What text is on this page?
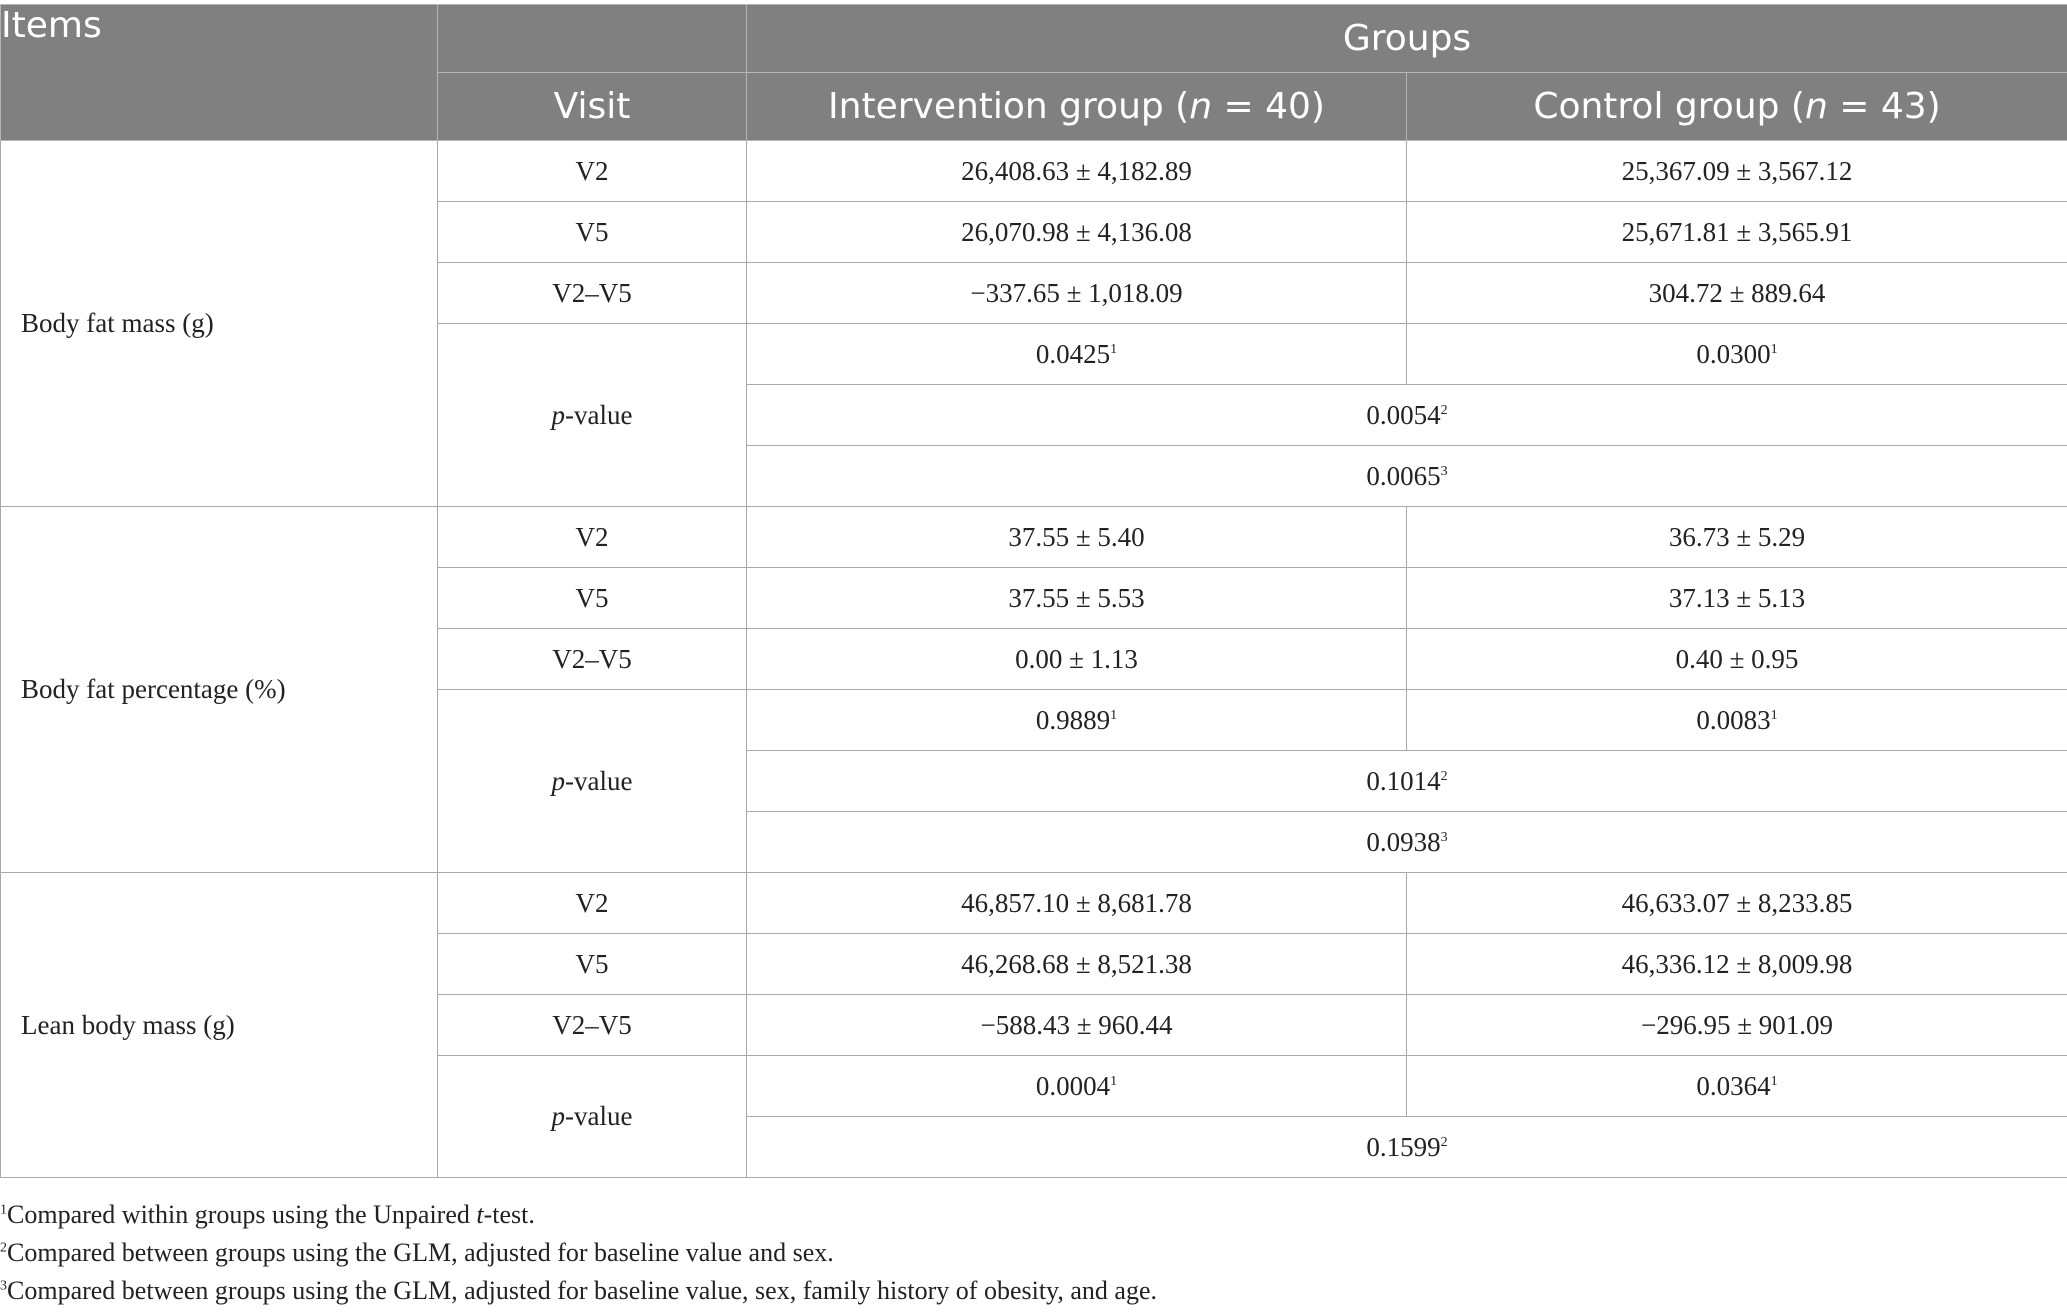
Items		Groups	
	Visit	Intervention group (n = 40)	Control group (n = 43)
Body fat mass (g)	V2	26,408.63 ± 4,182.89	25,367.09 ± 3,567.12
	V5	26,070.98 ± 4,136.08	25,671.81 ± 3,565.91
	V2–V5	−337.65 ± 1,018.09	304.72 ± 889.64
	p-value	0.0425$^1$	0.0300$^1$
		0.0054$^2$
		0.0065$^3$
Body fat percentage (%)	V2	37.55 ± 5.40	36.73 ± 5.29
	V5	37.55 ± 5.53	37.13 ± 5.13
	V2–V5	0.00 ± 1.13	0.40 ± 0.95
	p-value	0.9889$^1$	0.0083$^1$
		0.1014$^2$
		0.0938$^3$
Lean body mass (g)	V2	46,857.10 ± 8,681.78	46,633.07 ± 8,233.85
	V5	46,268.68 ± 8,521.38	46,336.12 ± 8,009.98
	V2–V5	−588.43 ± 960.44	−296.95 ± 901.09
	p-value	0.0004$^1$	0.0364$^1$
		0.1599$^2$

$^1$Compared within groups using the Unpaired t-test.

$^2$Compared between groups using the GLM, adjusted for baseline value and sex.

$^3$Compared between groups using the GLM, adjusted for baseline value, sex, family history of obesity, and age.
